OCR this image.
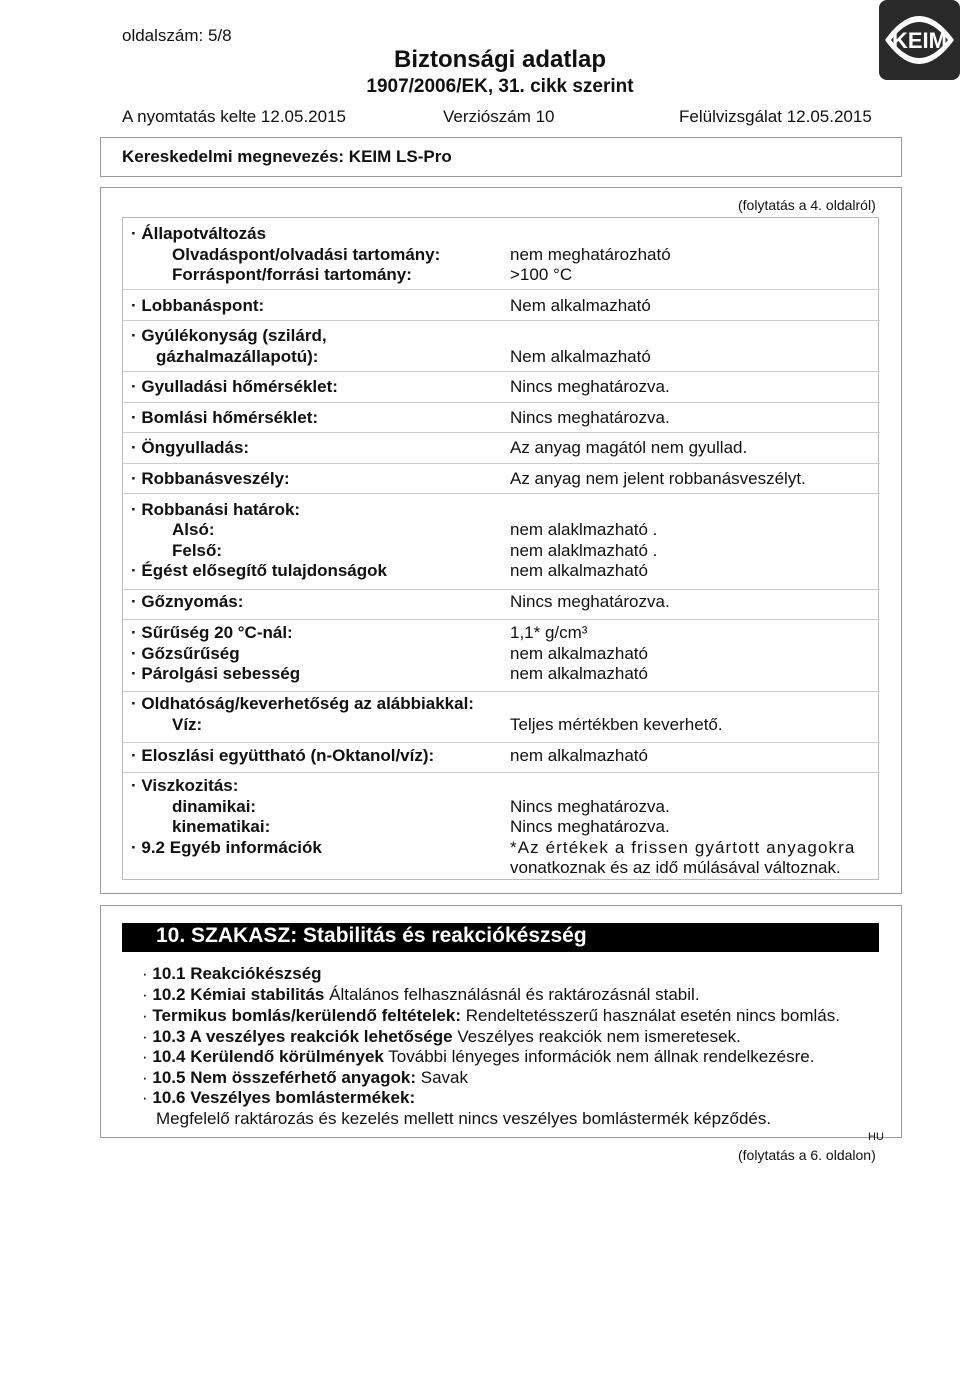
oldalszám: 5/8
Biztonsági adatlap
1907/2006/EK, 31. cikk szerint
A nyomtatás kelte 12.05.2015	Verziószám 10	Felülvizsgálat 12.05.2015
KEIM
Kereskedelmi megnevezés: KEIM LS-Pro
(folytatás a 4. oldalról)
· Állapotváltozás
Olvadáspont/olvadási tartomány:	nem meghatározható
Forráspont/forrási tartomány:	>100 °C
· Lobbanáspont:	Nem alkalmazható
· Gyúlékonyság (szilárd,
gázhalmazállapotú):	Nem alkalmazható
· Gyulladási hőmérséklet:	Nincs meghatározva.
· Bomlási hőmérséklet:	Nincs meghatározva.
· Öngyulladás:	Az anyag magától nem gyullad.
· Robbanásveszély:	Az anyag nem jelent robbanásveszélyt.
· Robbanási határok:
Alsó:	nem alaklmazható .
Felső:	nem alaklmazható .
· Égést elősegítő tulajdonságok	nem alkalmazható
· Gőznyomás:	Nincs meghatározva.
· Sűrűség 20 °C-nál:	1,1* g/cm³
· Gőzsűrűség	nem alkalmazható
· Párolgási sebesség	nem alkalmazható
· Oldhatóság/keverhetőség az alábbiakkal:
Víz:	Teljes mértékben keverhető.
· Eloszlási együttható (n-Oktanol/víz):	nem alkalmazható
· Viszkozitás:
dinamikai:	Nincs meghatározva.
kinematikai:	Nincs meghatározva.
· 9.2 Egyéb információk	*Az értékek a frissen gyártott anyagokra
vonatkoznak és az idő múlásával változnak.
10. SZAKASZ: Stabilitás és reakciókészség
· 10.1 Reakciókészség
· 10.2 Kémiai stabilitás Általános felhasználásnál és raktározásnál stabil.
· Termikus bomlás/kerülendő feltételek: Rendeltetésszerű használat esetén nincs bomlás.
· 10.3 A veszélyes reakciók lehetősége Veszélyes reakciók nem ismeretesek.
· 10.4 Kerülendő körülmények További lényeges információk nem állnak rendelkezésre.
· 10.5 Nem összeférhető anyagok: Savak
· 10.6 Veszélyes bomlástermékek:
Megfelelő raktározás és kezelés mellett nincs veszélyes bomlástermék képződés.
HU
(folytatás a 6. oldalon)
